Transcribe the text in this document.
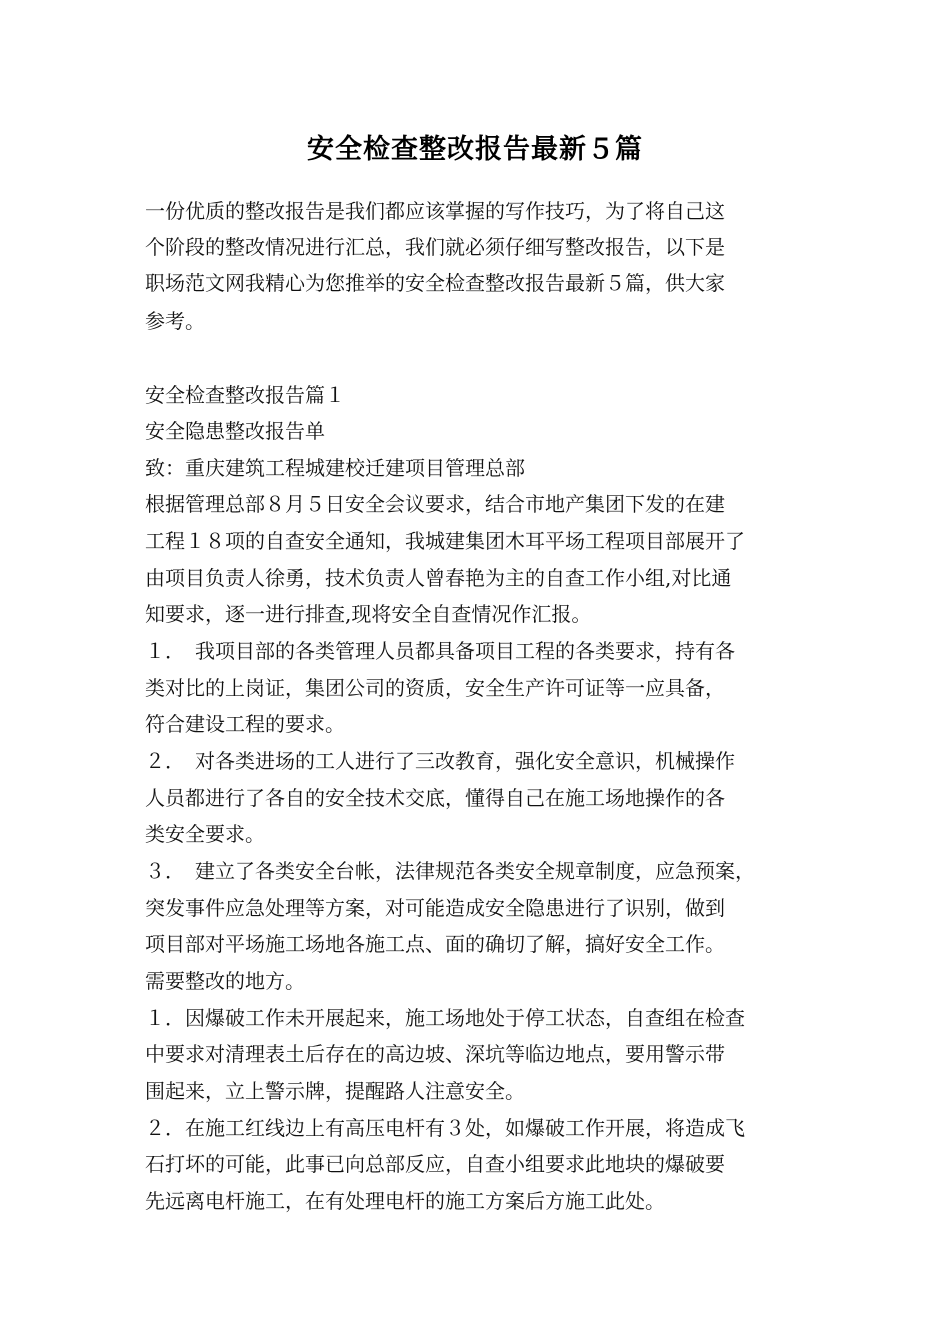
安全检查整改报告最新５篇
一份优质的整改报告是我们都应该掌握的写作技巧，为了将自己这
个阶段的整改情况进行汇总，我们就必须仔细写整改报告，以下是
职场范文网我精心为您推举的安全检查整改报告最新５篇，供大家
参考。
安全检查整改报告篇１
安全隐患整改报告单
致：重庆建筑工程城建校迁建项目管理总部
根据管理总部８月５日安全会议要求，结合市地产集团下发的在建
工程１８项的自查安全通知，我城建集团木耳平场工程项目部展开了
由项目负责人徐勇，技术负责人曾春艳为主的自查工作小组,对比通
知要求，逐一进行排查,现将安全自查情况作汇报。
１．　我项目部的各类管理人员都具备项目工程的各类要求，持有各
类对比的上岗证，集团公司的资质，安全生产许可证等一应具备，
符合建设工程的要求。
２．　对各类进场的工人进行了三改教育，强化安全意识，机械操作
人员都进行了各自的安全技术交底，懂得自己在施工场地操作的各
类安全要求。
３．　建立了各类安全台帐，法律规范各类安全规章制度，应急预案，
突发事件应急处理等方案，对可能造成安全隐患进行了识别，做到
项目部对平场施工场地各施工点、面的确切了解，搞好安全工作。
需要整改的地方。
１．因爆破工作未开展起来，施工场地处于停工状态，自查组在检查
中要求对清理表土后存在的高边坡、深坑等临边地点，要用警示带
围起来，立上警示牌，提醒路人注意安全。
２．在施工红线边上有高压电杆有３处，如爆破工作开展，将造成飞
石打坏的可能，此事已向总部反应，自查小组要求此地块的爆破要
先远离电杆施工，在有处理电杆的施工方案后方施工此处。
